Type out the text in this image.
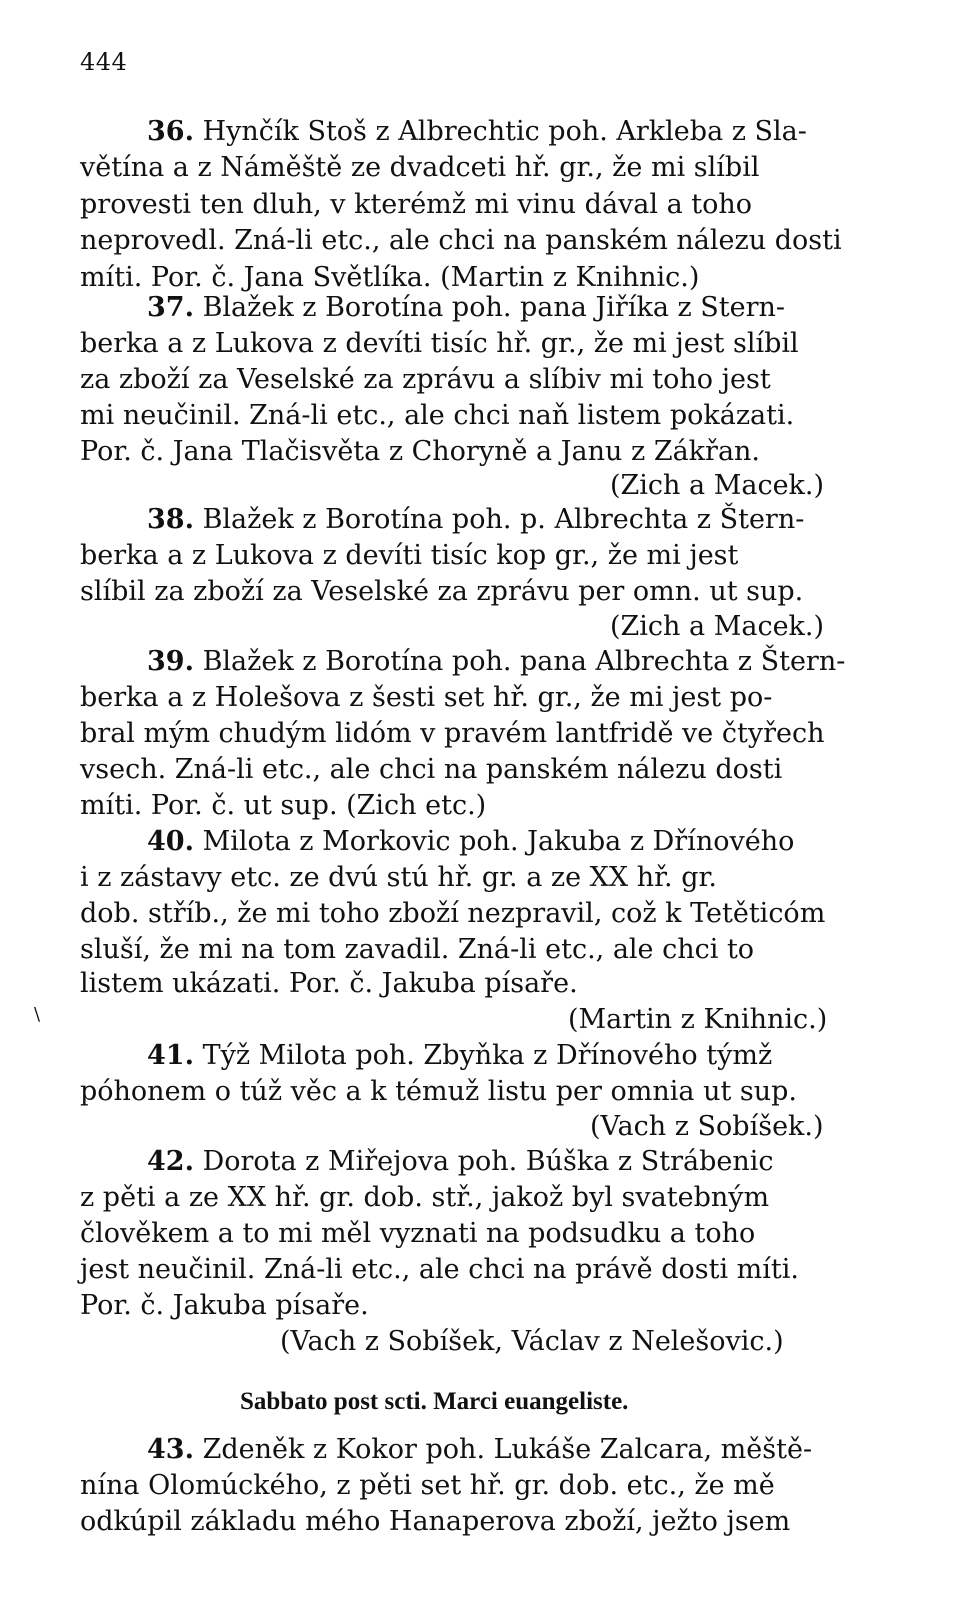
444
\
36. Hynčík Stoš z Albrechtic poh. Arkleba z Sla-
větína a z Náměště ze dvadceti hř. gr., že mi slíbil
provesti ten dluh, v kterémž mi vinu dával a toho
neprovedl. Zná-li etc., ale chci na panském nálezu dosti
míti. Por. č. Jana Světlíka. (Martin z Knihnic.)
37. Blažek z Borotína poh. pana Jiříka z Stern-
berka a z Lukova z devíti tisíc hř. gr., že mi jest slíbil
za zboží za Veselské za zprávu a slíbiv mi toho jest
mi neučinil. Zná-li etc., ale chci naň listem pokázati.
Por. č. Jana Tlačisvěta z Choryně a Janu z Zákřan.
(Zich a Macek.)
38. Blažek z Borotína poh. p. Albrechta z Štern-
berka a z Lukova z devíti tisíc kop gr., že mi jest
slíbil za zboží za Veselské za zprávu per omn. ut sup.
(Zich a Macek.)
39. Blažek z Borotína poh. pana Albrechta z Štern-
berka a z Holešova z šesti set hř. gr., že mi jest po-
bral mým chudým lidóm v pravém lantfridě ve čtyřech
vsech. Zná-li etc., ale chci na panském nálezu dosti
míti. Por. č. ut sup. (Zich etc.)
40. Milota z Morkovic poh. Jakuba z Dřínového
i z zástavy etc. ze dvú stú hř. gr. a ze XX hř. gr.
dob. stříb., že mi toho zboží nezpravil, což k Tetěticóm
sluší, že mi na tom zavadil. Zná-li etc., ale chci to
listem ukázati. Por. č. Jakuba písaře.
(Martin z Knihnic.)
41. Týž Milota poh. Zbyňka z Dřínového týmž
póhonem o túž věc a k témuž listu per omnia ut sup.
(Vach z Sobíšek.)
42. Dorota z Miřejova poh. Búška z Strábenic
z pěti a ze XX hř. gr. dob. stř., jakož byl svatebným
člověkem a to mi měl vyznati na podsudku a toho
jest neučinil. Zná-li etc., ale chci na právě dosti míti.
Por. č. Jakuba písaře.
(Vach z Sobíšek, Václav z Nelešovic.)
Sabbato post scti. Marci euangeliste.
43. Zdeněk z Kokor poh. Lukáše Zalcara, měště-
nína Olomúckého, z pěti set hř. gr. dob. etc., že mě
odkúpil základu mého Hanaperova zboží, ježto jsem
